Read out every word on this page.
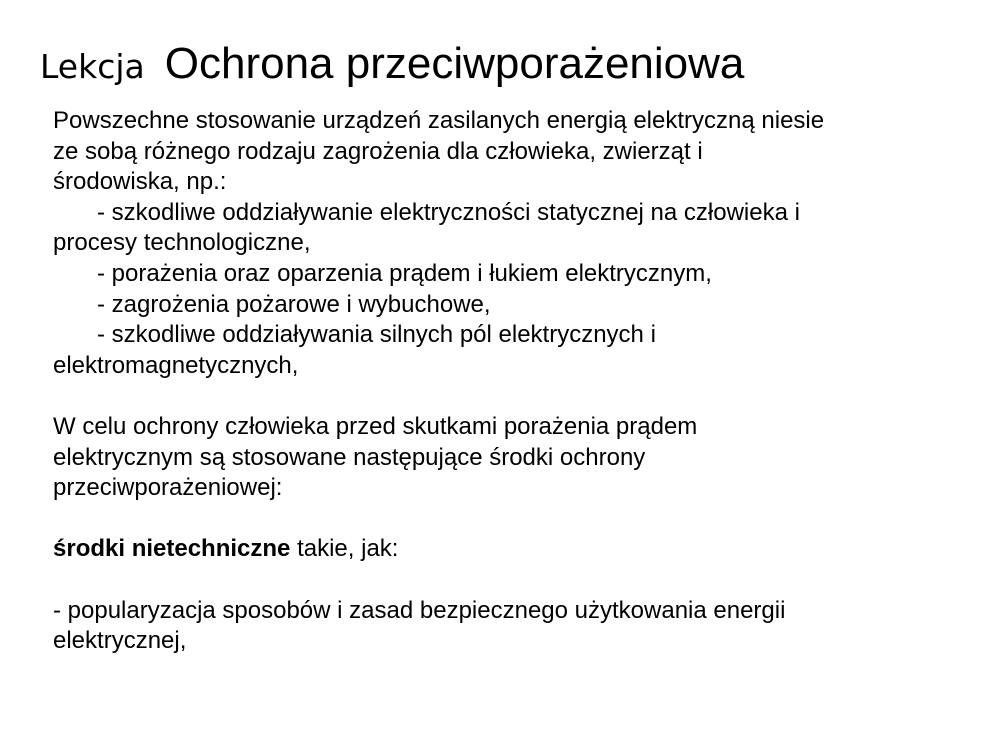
Lekcja Ochrona przeciwporażeniowa

Powszechne stosowanie urządzeń zasilanych energią elektryczną niesie

ze sobą różnego rodzaju zagrożenia dla człowieka, zwierząt i

środowiska, np.:

- szkodliwe oddziaływanie elektryczności statycznej na człowieka i

procesy technologiczne,

- porażenia oraz oparzenia prądem i łukiem elektrycznym,

- zagrożenia pożarowe i wybuchowe,

- szkodliwe oddziaływania silnych pól elektrycznych i

elektromagnetycznych,

W celu ochrony człowieka przed skutkami porażenia prądem

elektrycznym są stosowane następujące środki ochrony

przeciwporażeniowej:

środki nietechniczne takie, jak:

- popularyzacja sposobów i zasad bezpiecznego użytkowania energii

elektrycznej,
